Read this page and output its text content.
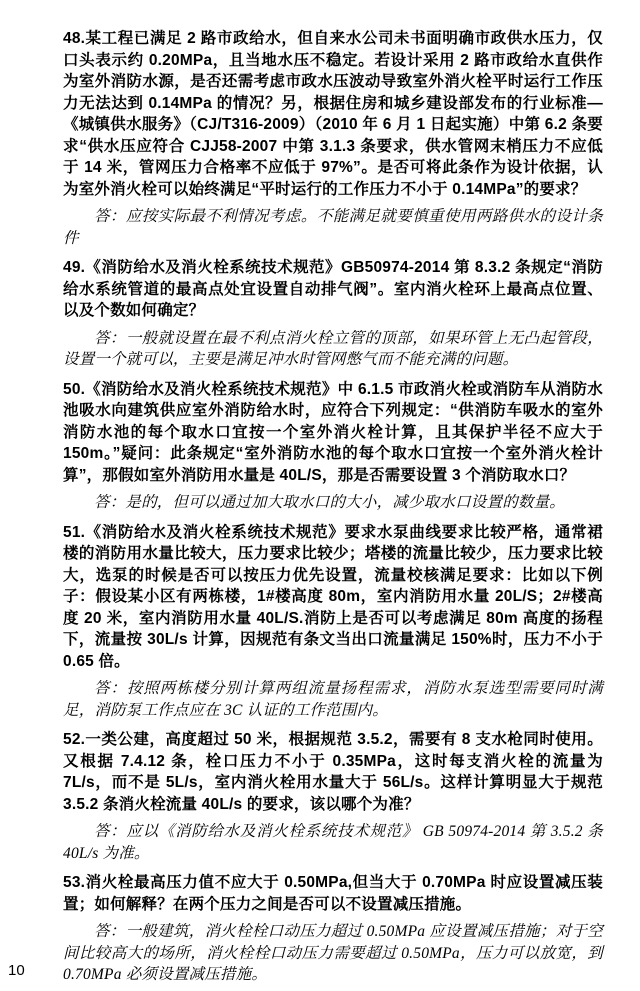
48.某工程已满足 2 路市政给水，但自来水公司未书面明确市政供水压力，仅口头表示约 0.20MPa，且当地水压不稳定。若设计采用 2 路市政给水直供作为室外消防水源，是否还需考虑市政水压波动导致室外消火栓平时运行工作压力无法达到 0.14MPa 的情况？另，根据住房和城乡建设部发布的行业标准—《城镇供水服务》（CJ/T316-2009）（2010 年 6 月 1 日起实施）中第 6.2 条要求“供水压应符合 CJJ58-2007 中第 3.1.3 条要求，供水管网末梢压力不应低于 14 米，管网压力合格率不应低于 97%”。是否可将此条作为设计依据，认为室外消火栓可以始终满足“平时运行的工作压力不小于 0.14MPa”的要求？

答：应按实际最不利情况考虑。不能满足就要慎重使用两路供水的设计条件

49.《消防给水及消火栓系统技术规范》GB50974-2014 第 8.3.2 条规定“消防给水系统管道的最高点处宜设置自动排气阀”。室内消火栓环上最高点位置、以及个数如何确定？

答：一般就设置在最不利点消火栓立管的顶部，如果环管上无凸起管段，设置一个就可以，主要是满足冲水时管网憋气而不能充满的问题。

50.《消防给水及消火栓系统技术规范》中 6.1.5 市政消火栓或消防车从消防水池吸水向建筑供应室外消防给水时，应符合下列规定：“供消防车吸水的室外消防水池的每个取水口宜按一个室外消火栓计算，且其保护半径不应大于 150m。”疑问：此条规定“室外消防水池的每个取水口宜按一个室外消火栓计算”，那假如室外消防用水量是 40L/S，那是否需要设置 3 个消防取水口？

答：是的，但可以通过加大取水口的大小，减少取水口设置的数量。

51.《消防给水及消火栓系统技术规范》要求水泵曲线要求比较严格，通常裙楼的消防用水量比较大，压力要求比较少；塔楼的流量比较少，压力要求比较大，选泵的时候是否可以按压力优先设置，流量校核满足要求：比如以下例子：假设某小区有两栋楼，1#楼高度 80m，室内消防用水量 20L/S；2#楼高度 20 米，室内消防用水量 40L/S.消防上是否可以考虑满足 80m 高度的扬程下，流量按 30L/s 计算，因规范有条文当出口流量满足 150%时，压力不小于 0.65 倍。

答：按照两栋楼分别计算两组流量扬程需求，消防水泵选型需要同时满足，消防泵工作点应在 3C 认证的工作范围内。

52.一类公建，高度超过 50 米，根据规范 3.5.2，需要有 8 支水枪同时使用。又根据 7.4.12 条，栓口压力不小于 0.35MPa，这时每支消火栓的流量为 7L/s，而不是 5L/s，室内消火栓用水量大于 56L/s。这样计算明显大于规范 3.5.2 条消火栓流量 40L/s 的要求，该以哪个为准？

答：应以《消防给水及消火栓系统技术规范》 GB 50974-2014 第 3.5.2 条 40L/s 为准。

53.消火栓最高压力值不应大于 0.50MPa,但当大于 0.70MPa 时应设置减压装置；如何解释？在两个压力之间是否可以不设置减压措施。

答：一般建筑，消火栓栓口动压力超过 0.50MPa 应设置减压措施；对于空间比较高大的场所，消火栓栓口动压力需要超过 0.50MPa，压力可以放宽，到 0.70MPa 必须设置减压措施。

10
